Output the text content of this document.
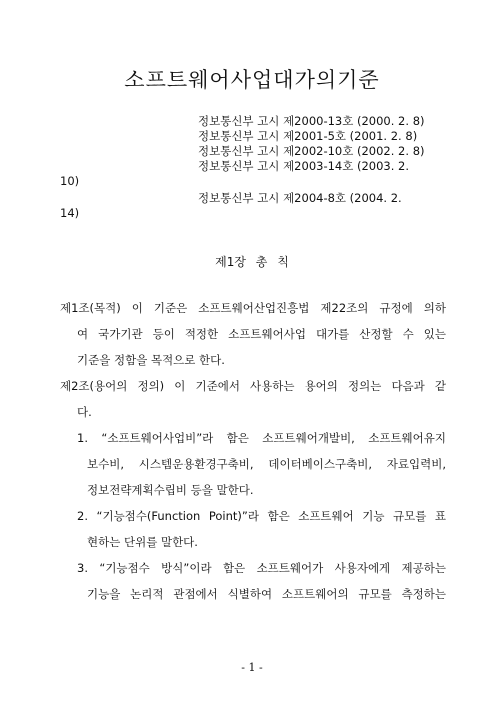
소프트웨어사업대가의기준
정보통신부 고시 제2000-13호 (2000. 2. 8)
정보통신부 고시 제2001-5호 (2001. 2. 8)
정보통신부 고시 제2002-10호 (2002. 2. 8)
정보통신부 고시 제2003-14호 (2003. 2.
10)
정보통신부 고시 제2004-8호 (2004. 2.
14)
제1장 총 칙
제1조(목적) 이 기준은 소프트웨어산업진흥법 제22조의 규정에 의하
여 국가기관 등이 적정한 소프트웨어사업 대가를 산정할 수 있는
기준을 정함을 목적으로 한다.
제2조(용어의 정의) 이 기준에서 사용하는 용어의 정의는 다음과 같
다.
1. “소프트웨어사업비”라 함은 소프트웨어개발비, 소프트웨어유지
보수비, 시스템운용환경구축비, 데이터베이스구축비, 자료입력비,
정보전략계획수립비 등을 말한다.
2. “기능점수(Function Point)”라 함은 소프트웨어 기능 규모를 표
현하는 단위를 말한다.
3. “기능점수 방식”이라 함은 소프트웨어가 사용자에게 제공하는
기능을 논리적 관점에서 식별하여 소프트웨어의 규모를 측정하는
- 1 -
